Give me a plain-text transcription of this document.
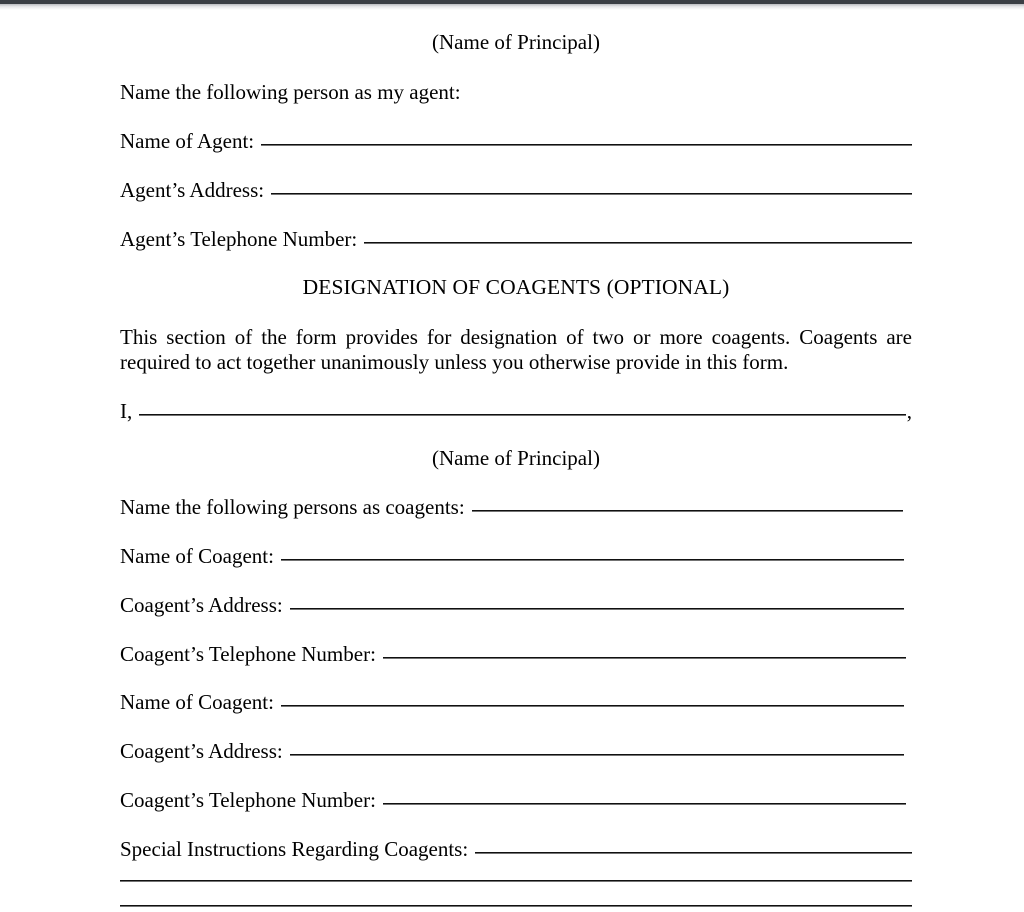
(Name of Principal)
Name the following person as my agent:
Name of Agent:
Agent’s Address:
Agent’s Telephone Number:
DESIGNATION OF COAGENTS (OPTIONAL)
This section of the form provides for designation of two or more coagents. Coagents are required to act together unanimously unless you otherwise provide in this form.
I,	,
(Name of Principal)
Name the following persons as coagents:
Name of Coagent:
Coagent’s Address:
Coagent’s Telephone Number:
Name of Coagent:
Coagent’s Address:
Coagent’s Telephone Number:
Special Instructions Regarding Coagents:
